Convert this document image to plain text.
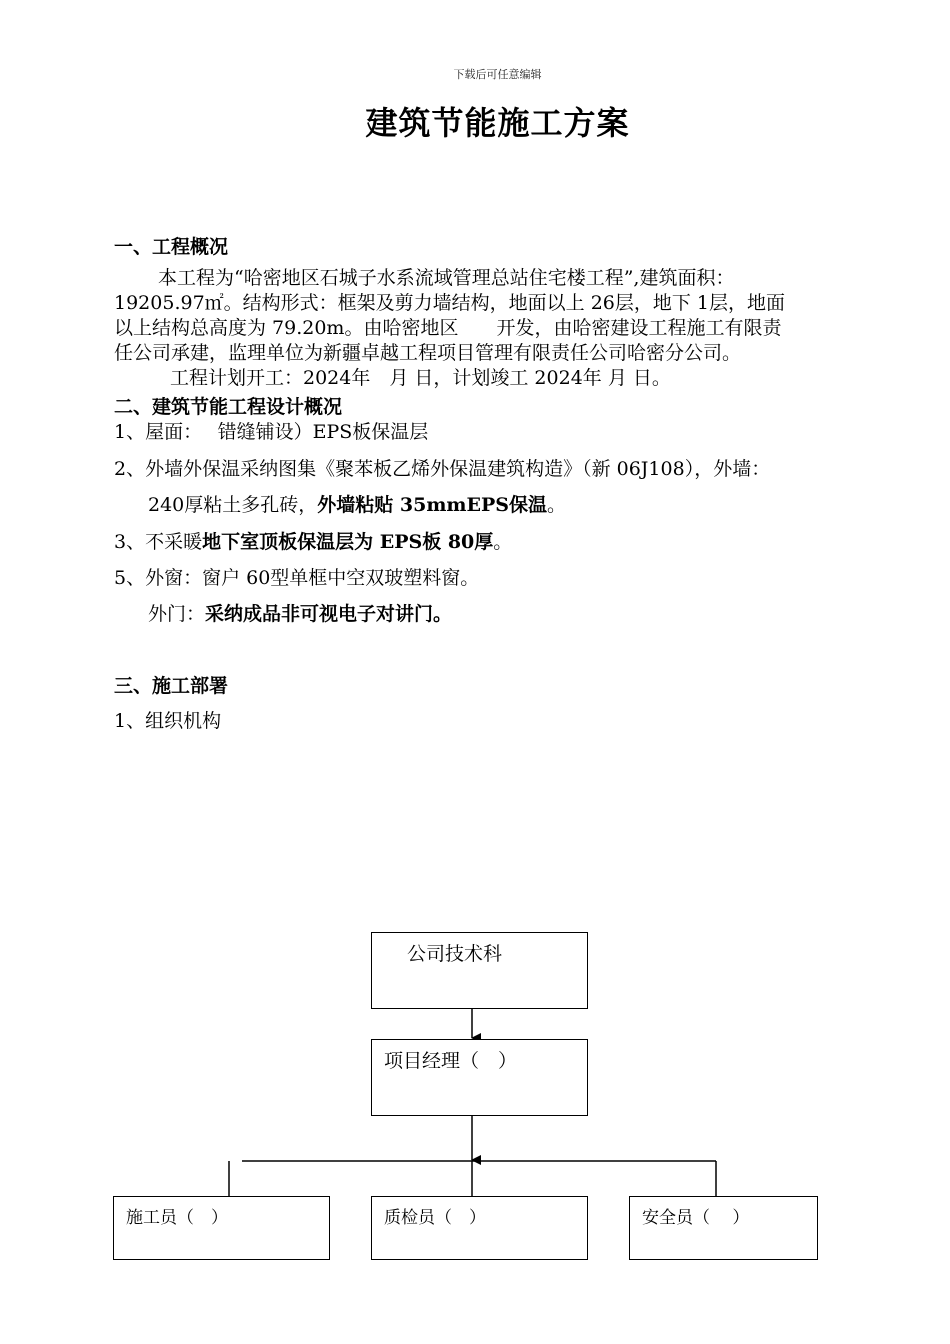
下载后可任意编辑
建筑节能施工方案
一、工程概况
本工程为“哈密地区石城子水系流域管理总站住宅楼工程”,建筑面积：
19205.97㎡。结构形式：框架及剪力墙结构，地面以上 26层，地下 1层，地面
以上结构总高度为 79.20m。由哈密地区　　开发，由哈密建设工程施工有限责
任公司承建，监理单位为新疆卓越工程项目管理有限责任公司哈密分公司。
工程计划开工：2024年　月 日，计划竣工 2024年 月 日。
二、建筑节能工程设计概况
1、屋面：　 错缝铺设）EPS板保温层
2、外墙外保温采纳图集《聚苯板乙烯外保温建筑构造》（新 06J108），外墙：
240厚粘土多孔砖，外墙粘贴 35mmEPS保温。
3、不采暖地下室顶板保温层为 EPS板 80厚。
5、外窗：窗户 60型单框中空双玻塑料窗。
外门：采纳成品非可视电子对讲门。
三、施工部署
1、组织机构
公司技术科
项目经理（　）
施工员（　）	质检员（　）	安全员（　 ）
